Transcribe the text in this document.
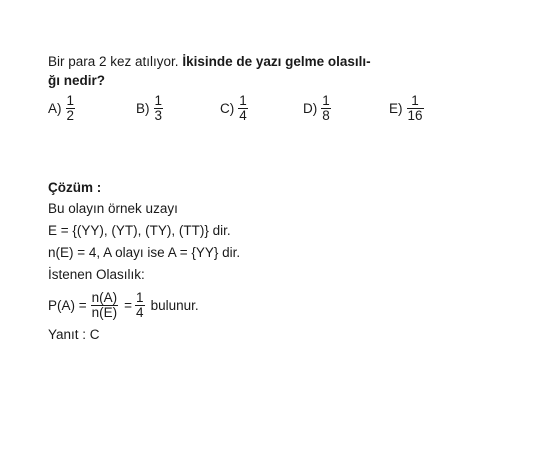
Bir para 2 kez atılıyor. İkisinde de yazı gelme olasılı-
ğı nedir?
$A) \frac{1}{2}$	$B) \frac{1}{3}$	$C) \frac{1}{4}$	$D) \frac{1}{8}$	$E) \frac{1}{16}$
Çözüm :
Bu olayın örnek uzayı
E = {(YY), (YT), (TY), (TT)} dir.
n(E) = 4, A olayı ise A = {YY} dir.
İstenen Olasılık:
$P(A) = \frac{n(A)}{n(E)} = \frac{1}{4}$ bulunur.
Yanıt : C
